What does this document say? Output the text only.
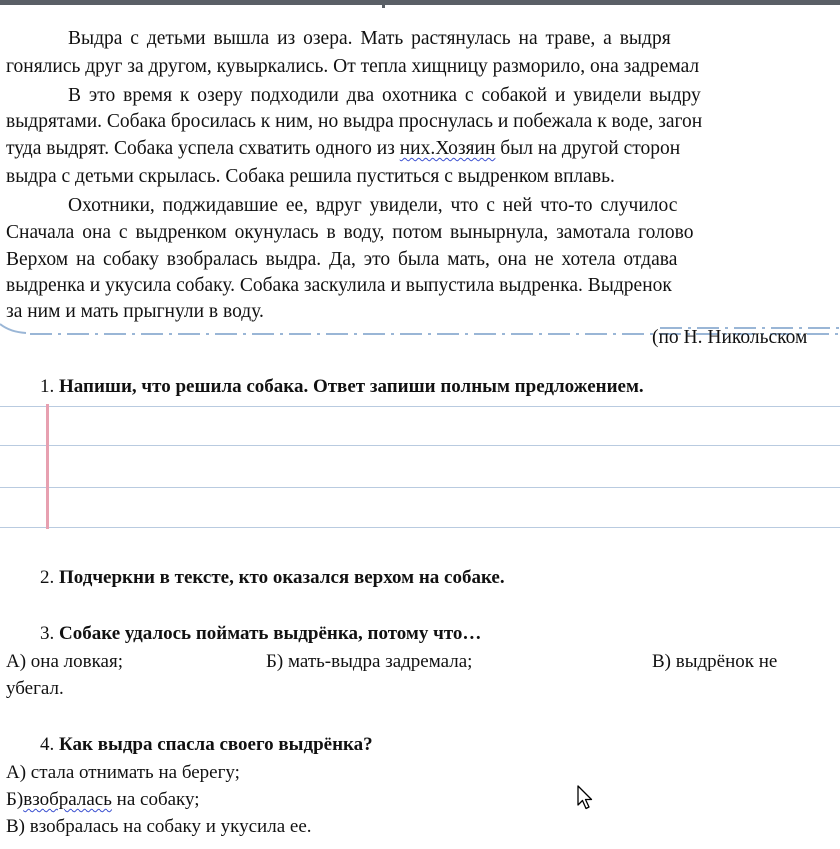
Выдра с детьми вышла из озера. Мать растянулась на траве, а выдря
гонялись друг за другом, кувыркались. От тепла хищницу разморило, она задремал
В это время к озеру подходили два охотника с собакой и увидели выдру
выдрятами. Собака бросилась к ним, но выдра проснулась и побежала к воде, загон
туда выдрят. Собака успела схватить одного из них.Хозяин был на другой сторон
выдра с детьми скрылась. Собака решила пуститься с выдренком вплавь.
Охотники, поджидавшие ее, вдруг увидели, что с ней что-то случилос
Сначала она с выдренком окунулась в воду, потом вынырнула, замотала голово
Верхом на собаку взобралась выдра. Да, это была мать, она не хотела отдава
выдренка и укусила собаку. Собака заскулила и выпустила выдренка. Выдренок
за ним и мать прыгнули в воду.
(по Н. Никольском
1. Напиши, что решила собака. Ответ запиши полным предложением.
2. Подчеркни в тексте, кто оказался верхом на собаке.
3. Собаке удалось поймать выдрёнка, потому что…
А) она ловкая;	Б) мать-выдра задремала;	В) выдрёнок не
убегал.
4. Как выдра спасла своего выдрёнка?
А) стала отнимать на берегу;
Б)взобралась на собаку;
В) взобралась на собаку и укусила ее.
